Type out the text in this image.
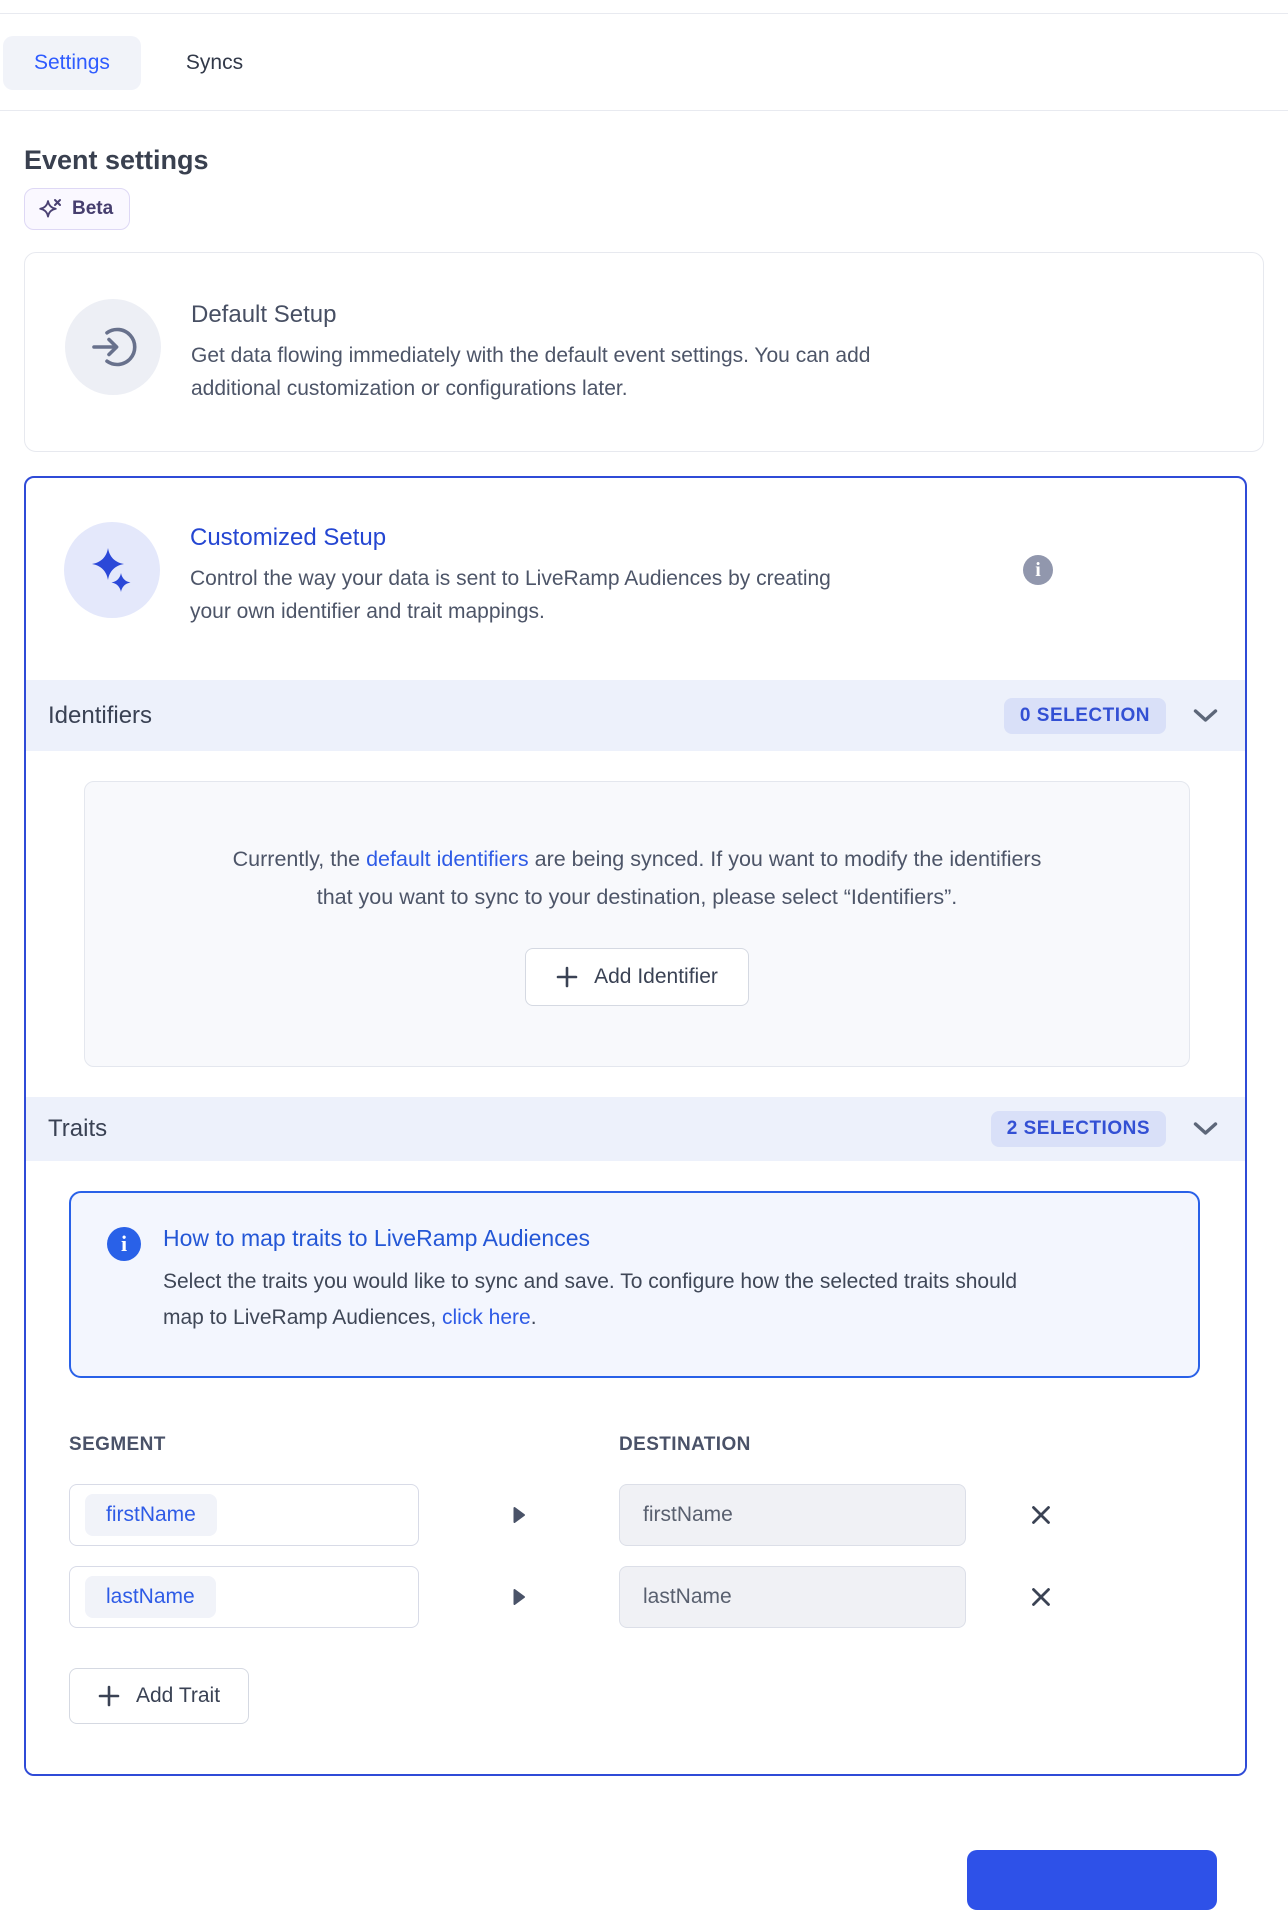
Settings	Syncs
Event settings
Beta
Default Setup
Get data flowing immediately with the default event settings. You can add additional customization or configurations later.
Customized Setup
Control the way your data is sent to LiveRamp Audiences by creating your own identifier and trait mappings.
i
Identifiers	0 SELECTION
Currently, the default identifiers are being synced. If you want to modify the identifiers that you want to sync to your destination, please select “Identifiers”.
Add Identifier
Traits	2 SELECTIONS
i How to map traits to LiveRamp Audiences
Select the traits you would like to sync and save. To configure how the selected traits should map to LiveRamp Audiences, click here.
SEGMENT	DESTINATION
firstName	firstName
lastName	lastName
Add Trait
